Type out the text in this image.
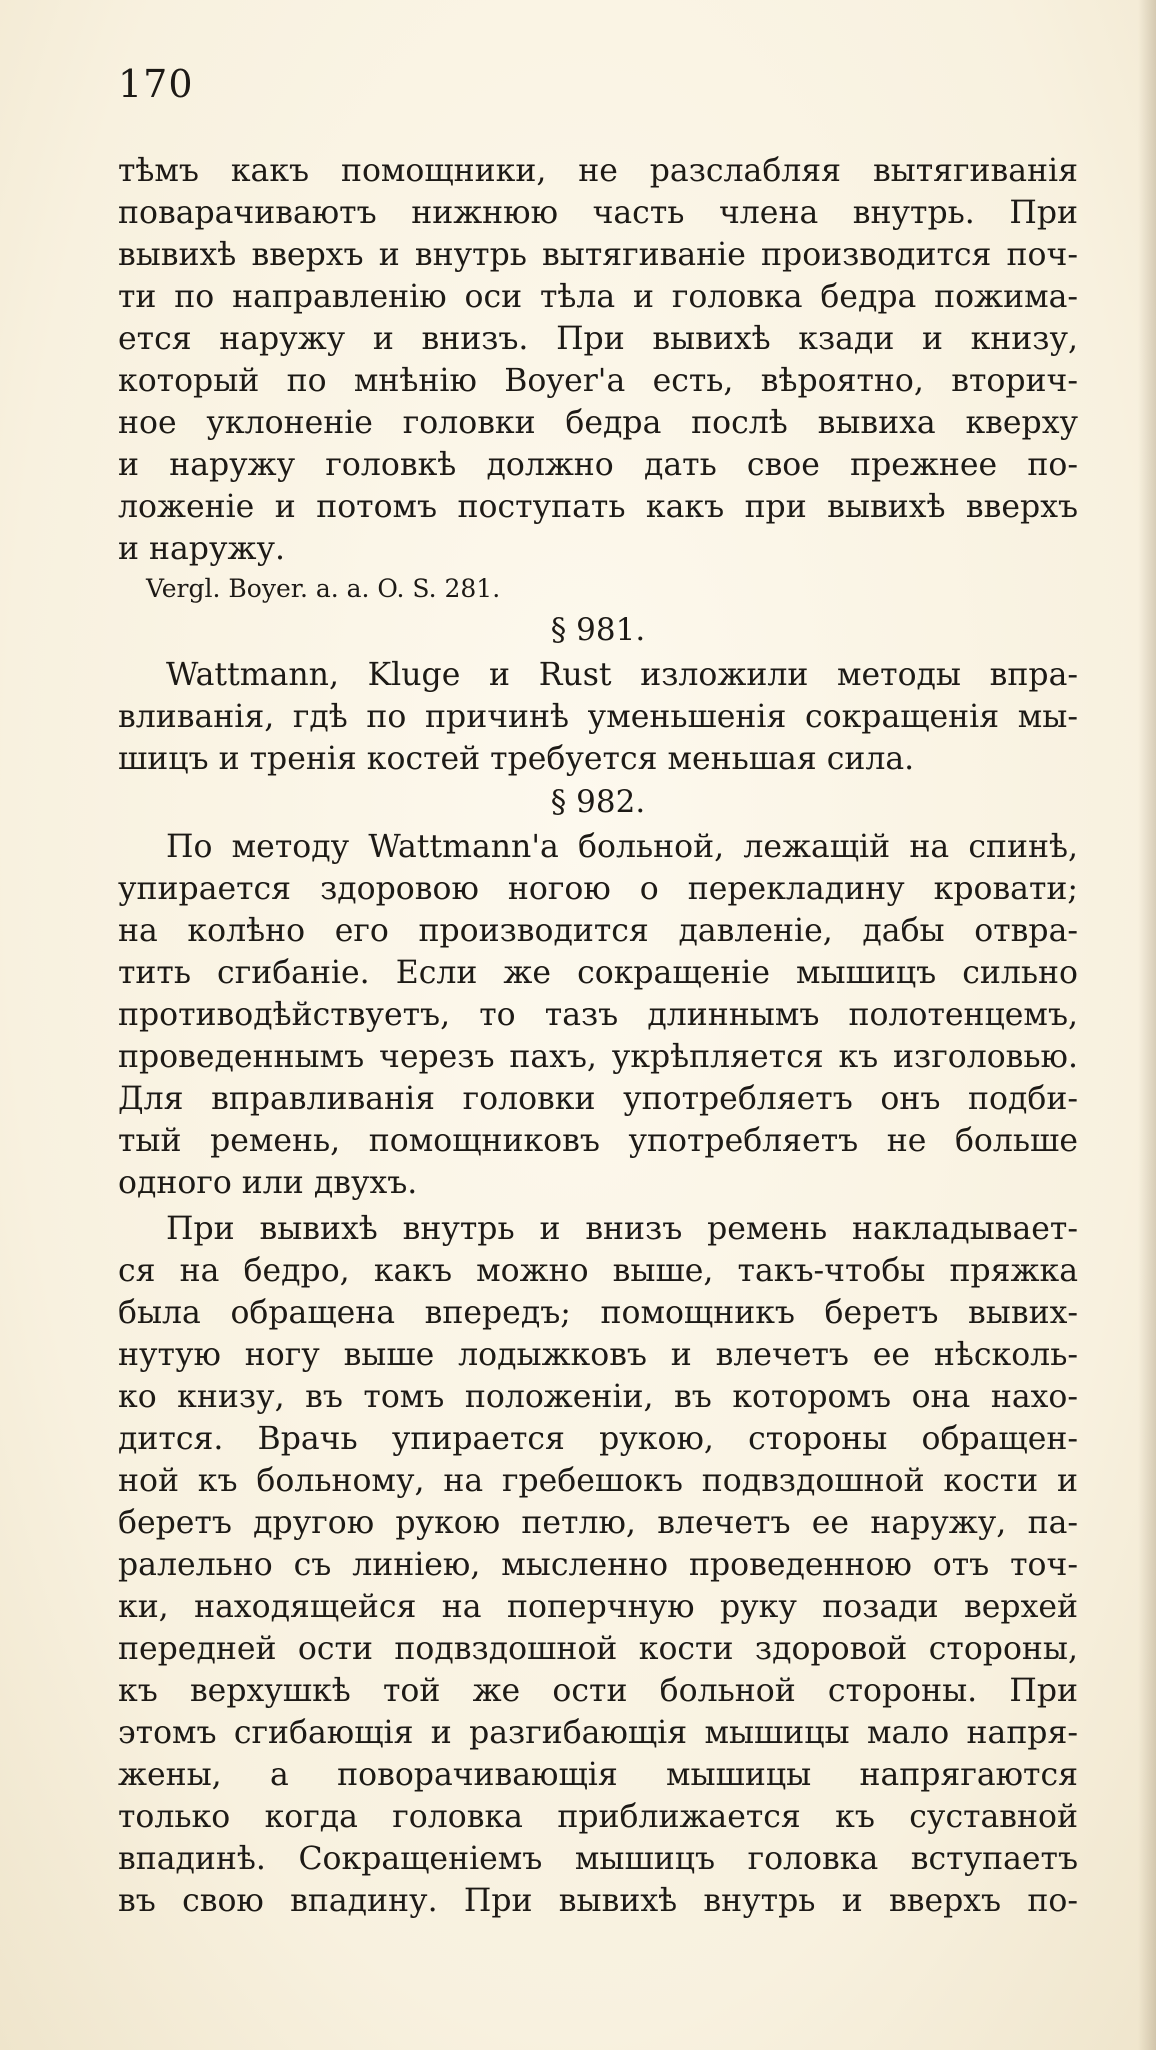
170
тѣмъ какъ помощники, не разслабляя вытягиванія
поварачиваютъ нижнюю часть члена внутрь. При
вывихѣ вверхъ и внутрь вытягиваніе производится поч-
ти по направленію оси тѣла и головка бедра пожима-
ется наружу и внизъ. При вывихѣ кзади и книзу,
который по мнѣнію Boyer'а есть, вѣроятно, вторич-
ное уклоненіе головки бедра послѣ вывиха кверху
и наружу головкѣ должно дать свое прежнее по-
ложеніе и потомъ поступать какъ при вывихѣ вверхъ
и наружу.
Vergl. Boyer. a. a. O. S. 281.
§ 981.
Wattmann, Kluge и Rust изложили методы впра-
вливанія, гдѣ по причинѣ уменьшенія сокращенія мы-
шицъ и тренія костей требуется меньшая сила.
§ 982.
По методу Wattmann'а больной, лежащій на спинѣ,
упирается здоровою ногою о перекладину кровати;
на колѣно его производится давленіе, дабы отвра-
тить сгибаніе. Если же сокращеніе мышицъ сильно
противодѣйствуетъ, то тазъ длиннымъ полотенцемъ,
проведеннымъ черезъ пахъ, укрѣпляется къ изголовью.
Для вправливанія головки употребляетъ онъ подби-
тый ремень, помощниковъ употребляетъ не больше
одного или двухъ.
При вывихѣ внутрь и внизъ ремень накладывает-
ся на бедро, какъ можно выше, такъ-чтобы пряжка
была обращена впередъ; помощникъ беретъ вывих-
нутую ногу выше лодыжковъ и влечетъ ее нѣсколь-
ко книзу, въ томъ положеніи, въ которомъ она нахо-
дится. Врачь упирается рукою, стороны обращен-
ной къ больному, на гребешокъ подвздошной кости и
беретъ другою рукою петлю, влечетъ ее наружу, па-
ралельно съ линіею, мысленно проведенною отъ точ-
ки, находящейся на поперчную руку позади верхей
передней ости подвздошной кости здоровой стороны,
къ верхушкѣ той же ости больной стороны. При
этомъ сгибающія и разгибающія мышицы мало напря-
жены, а поворачивающія мышицы напрягаются
только когда головка приближается къ суставной
впадинѣ. Сокращеніемъ мышицъ головка вступаетъ
въ свою впадину. При вывихѣ внутрь и вверхъ по-
